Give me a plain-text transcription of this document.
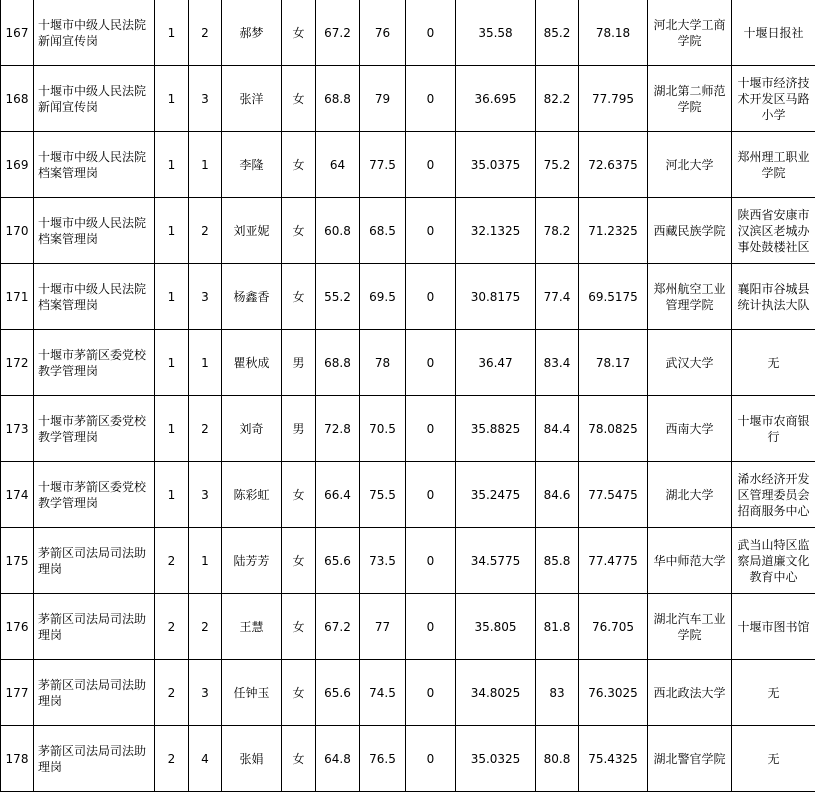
167	十堰市中级人民法院新闻宣传岗	1	2	郝梦	女	67.2	76	0	35.58	85.2	78.18	河北大学工商学院	十堰日报社
168	十堰市中级人民法院新闻宣传岗	1	3	张洋	女	68.8	79	0	36.695	82.2	77.795	湖北第二师范学院	十堰市经济技术开发区马路小学
169	十堰市中级人民法院档案管理岗	1	1	李隆	女	64	77.5	0	35.0375	75.2	72.6375	河北大学	郑州理工职业学院
170	十堰市中级人民法院档案管理岗	1	2	刘亚妮	女	60.8	68.5	0	32.1325	78.2	71.2325	西藏民族学院	陕西省安康市汉滨区老城办事处鼓楼社区
171	十堰市中级人民法院档案管理岗	1	3	杨鑫香	女	55.2	69.5	0	30.8175	77.4	69.5175	郑州航空工业管理学院	襄阳市谷城县统计执法大队
172	十堰市茅箭区委党校教学管理岗	1	1	瞿秋成	男	68.8	78	0	36.47	83.4	78.17	武汉大学	无
173	十堰市茅箭区委党校教学管理岗	1	2	刘奇	男	72.8	70.5	0	35.8825	84.4	78.0825	西南大学	十堰市农商银行
174	十堰市茅箭区委党校教学管理岗	1	3	陈彩虹	女	66.4	75.5	0	35.2475	84.6	77.5475	湖北大学	浠水经济开发区管理委员会招商服务中心
175	茅箭区司法局司法助理岗	2	1	陆芳芳	女	65.6	73.5	0	34.5775	85.8	77.4775	华中师范大学	武当山特区监察局道廉文化教育中心
176	茅箭区司法局司法助理岗	2	2	王慧	女	67.2	77	0	35.805	81.8	76.705	湖北汽车工业学院	十堰市图书馆
177	茅箭区司法局司法助理岗	2	3	任钟玉	女	65.6	74.5	0	34.8025	83	76.3025	西北政法大学	无
178	茅箭区司法局司法助理岗	2	4	张娟	女	64.8	76.5	0	35.0325	80.8	75.4325	湖北警官学院	无
